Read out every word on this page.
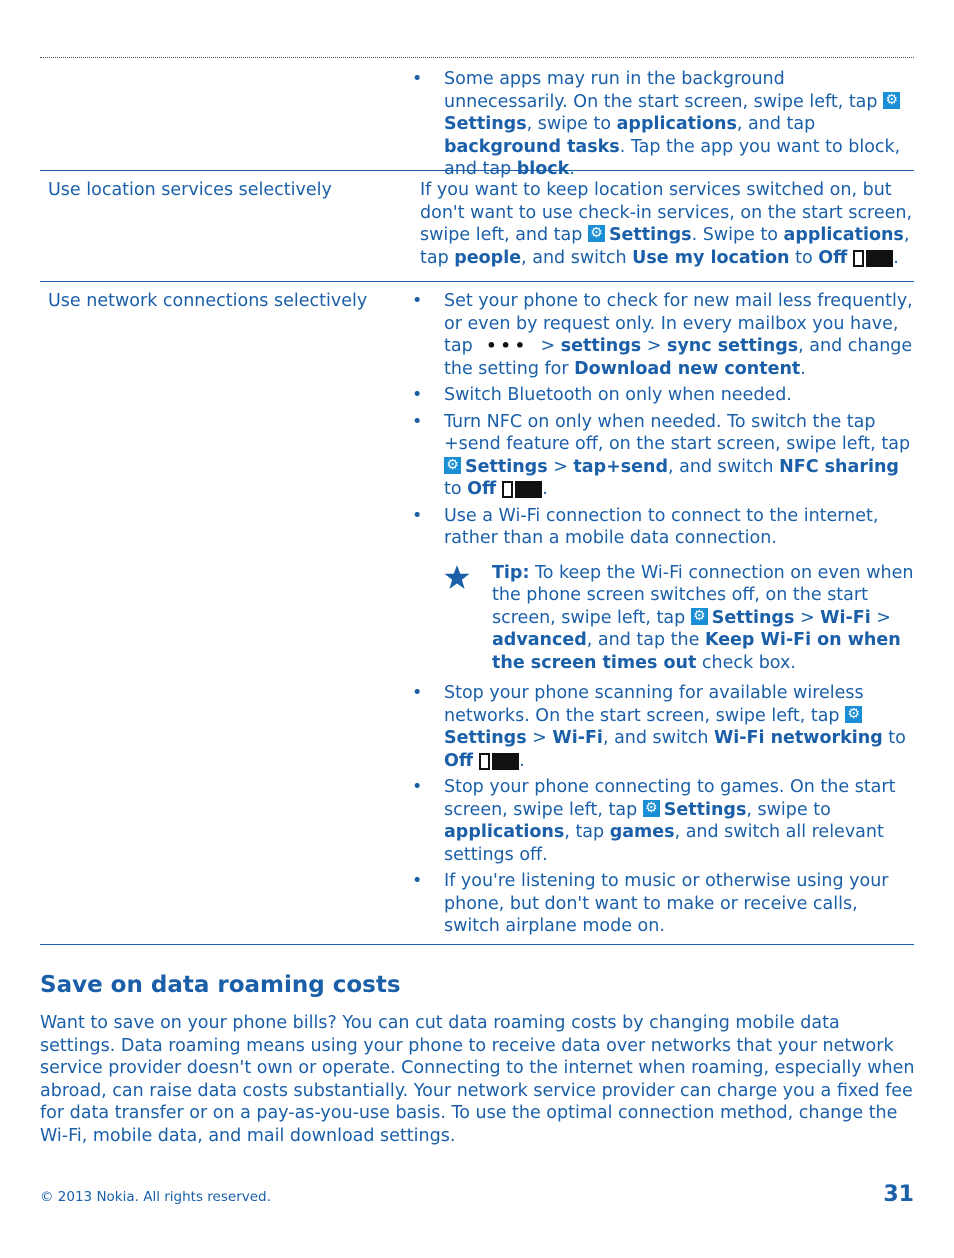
• Some apps may run in the background unnecessarily. On the start screen, swipe left, tap ⚙Settings, swipe to applications, and tap background tasks. Tap the app you want to block, and tap block.
Use location services selectively	If you want to keep location services switched on, but don't want to use check-in services, on the start screen, swipe left, and tap ⚙Settings. Swipe to applications, tap people, and switch Use my location to Off	.
Use network connections selectively
•	Set your phone to check for new mail less frequently, or even by request only. In every mailbox you have, tap ••• > settings > sync settings, and change the setting for Download new content.
• Switch Bluetooth on only when needed.
• Turn NFC on only when needed. To switch the tap +send feature off, on the start screen, swipe left, tap ⚙Settings > tap+send, and switch NFC sharing to Off	.
• Use a Wi-Fi connection to connect to the internet, rather than a mobile data connection.
Tip: To keep the Wi-Fi connection on even when the phone screen switches off, on the start screen, swipe left, tap ⚙Settings > Wi-Fi > advanced, and tap the Keep Wi-Fi on when the screen times out check box.
• Stop your phone scanning for available wireless networks. On the start screen, swipe left, tap ⚙Settings > Wi-Fi, and switch Wi-Fi networking to Off	.
• Stop your phone connecting to games. On the start screen, swipe left, tap ⚙Settings, swipe to applications, tap games, and switch all relevant settings off.
• If you're listening to music or otherwise using your phone, but don't want to make or receive calls, switch airplane mode on.
Save on data roaming costs
Want to save on your phone bills? You can cut data roaming costs by changing mobile data settings. Data roaming means using your phone to receive data over networks that your network service provider doesn't own or operate. Connecting to the internet when roaming, especially when abroad, can raise data costs substantially. Your network service provider can charge you a fixed fee for data transfer or on a pay-as-you-use basis. To use the optimal connection method, change the Wi-Fi, mobile data, and mail download settings.
© 2013 Nokia. All rights reserved.	31
